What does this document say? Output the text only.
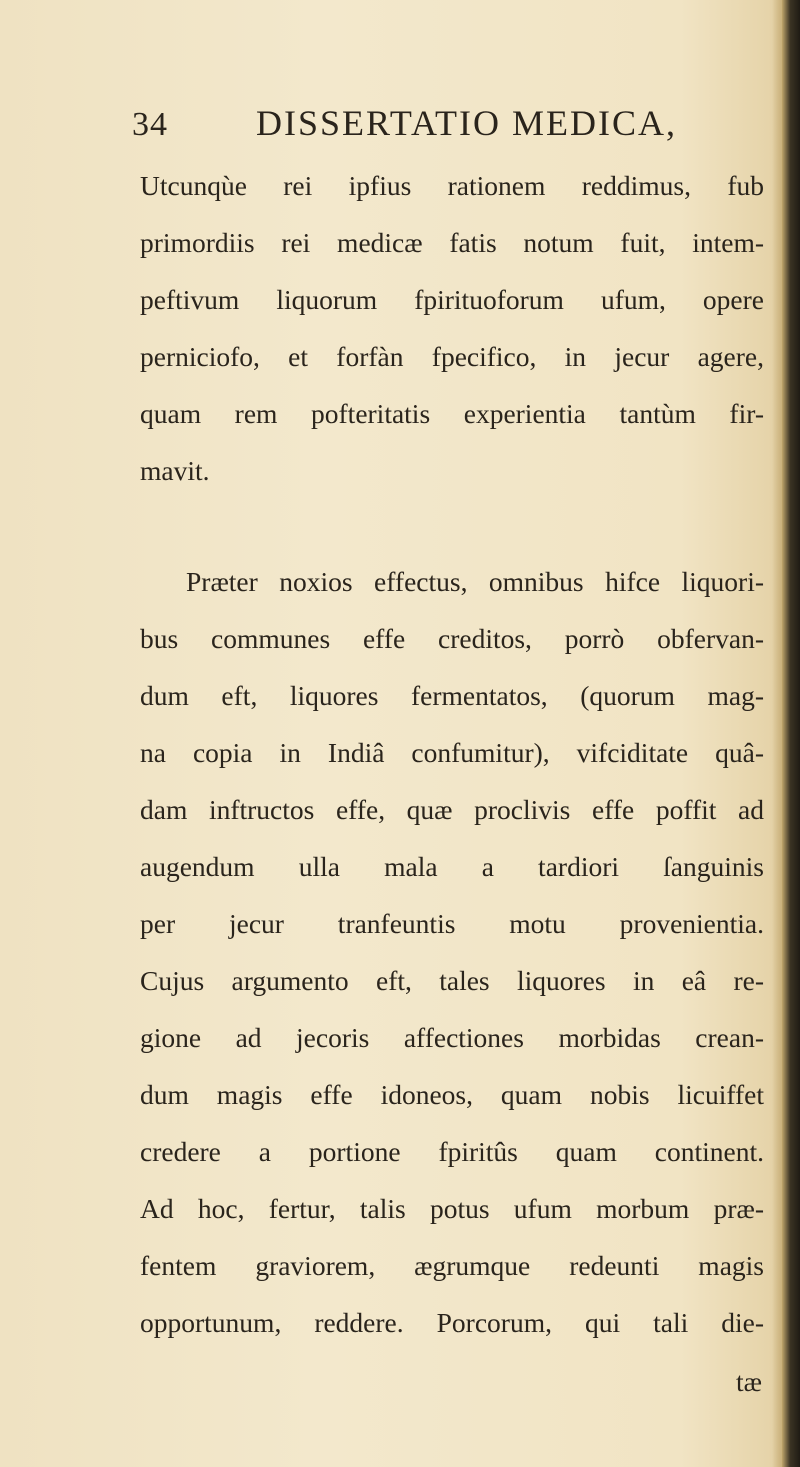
34 DISSERTATIO MEDICA,
Utcunqùe rei ipfius rationem reddimus, fub
primordiis rei medicæ fatis notum fuit, intem-
peftivum liquorum fpirituoforum ufum, opere
perniciofo, et forfàn fpecifico, in jecur agere,
quam rem pofteritatis experientia tantùm fir-
mavit.
Præter noxios effectus, omnibus hifce liquori-
bus communes effe creditos, porrò obfervan-
dum eft, liquores fermentatos, (quorum mag-
na copia in Indiâ confumitur), vifciditate quâ-
dam inftructos effe, quæ proclivis effe poffit ad
augendum ulla mala a tardiori ſanguinis
per jecur tranfeuntis motu provenientia.
Cujus argumento eft, tales liquores in eâ re-
gione ad jecoris affectiones morbidas crean-
dum magis effe idoneos, quam nobis licuiffet
credere a portione fpiritûs quam continent.
Ad hoc, fertur, talis potus ufum morbum præ-
fentem graviorem, ægrumque redeunti magis
opportunum, reddere. Porcorum, qui tali die-
tæ
